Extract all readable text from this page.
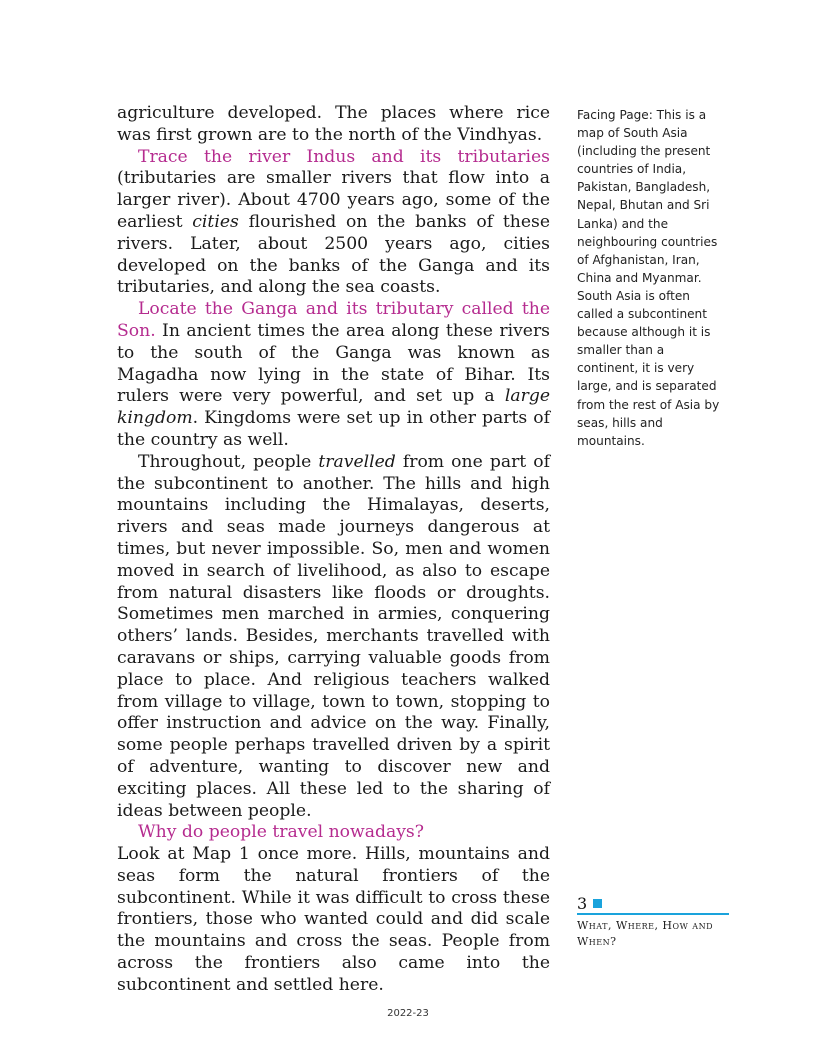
agriculture developed. The places where rice was first grown are to the north of the Vindhyas.

Trace the river Indus and its tributaries (tributaries are smaller rivers that flow into a larger river). About 4700 years ago, some of the earliest cities flourished on the banks of these rivers. Later, about 2500 years ago, cities developed on the banks of the Ganga and its tributaries, and along the sea coasts.

Locate the Ganga and its tributary called the Son. In ancient times the area along these rivers to the south of the Ganga was known as Magadha now lying in the state of Bihar. Its rulers were very powerful, and set up a large kingdom. Kingdoms were set up in other parts of the country as well.

Throughout, people travelled from one part of the subcontinent to another. The hills and high mountains including the Himalayas, deserts, rivers and seas made journeys dangerous at times, but never impossible. So, men and women moved in search of livelihood, as also to escape from natural disasters like floods or droughts. Sometimes men marched in armies, conquering others’ lands. Besides, merchants travelled with caravans or ships, carrying valuable goods from place to place. And religious teachers walked from village to village, town to town, stopping to offer instruction and advice on the way. Finally, some people perhaps travelled driven by a spirit of adventure, wanting to discover new and exciting places. All these led to the sharing of ideas between people.

Why do people travel nowadays?

Look at Map 1 once more. Hills, mountains and seas form the natural frontiers of the subcontinent. While it was difficult to cross these frontiers, those who wanted could and did scale the mountains and cross the seas. People from across the frontiers also came into the subcontinent and settled here.

Facing Page: This is a map of South Asia (including the present countries of India, Pakistan, Bangladesh, Nepal, Bhutan and Sri Lanka) and the neighbouring countries of Afghanistan, Iran, China and Myanmar. South Asia is often called a subcontinent because although it is smaller than a continent, it is very large, and is separated from the rest of Asia by seas, hills and mountains.
3
What, Where, How and When?
2022-23
